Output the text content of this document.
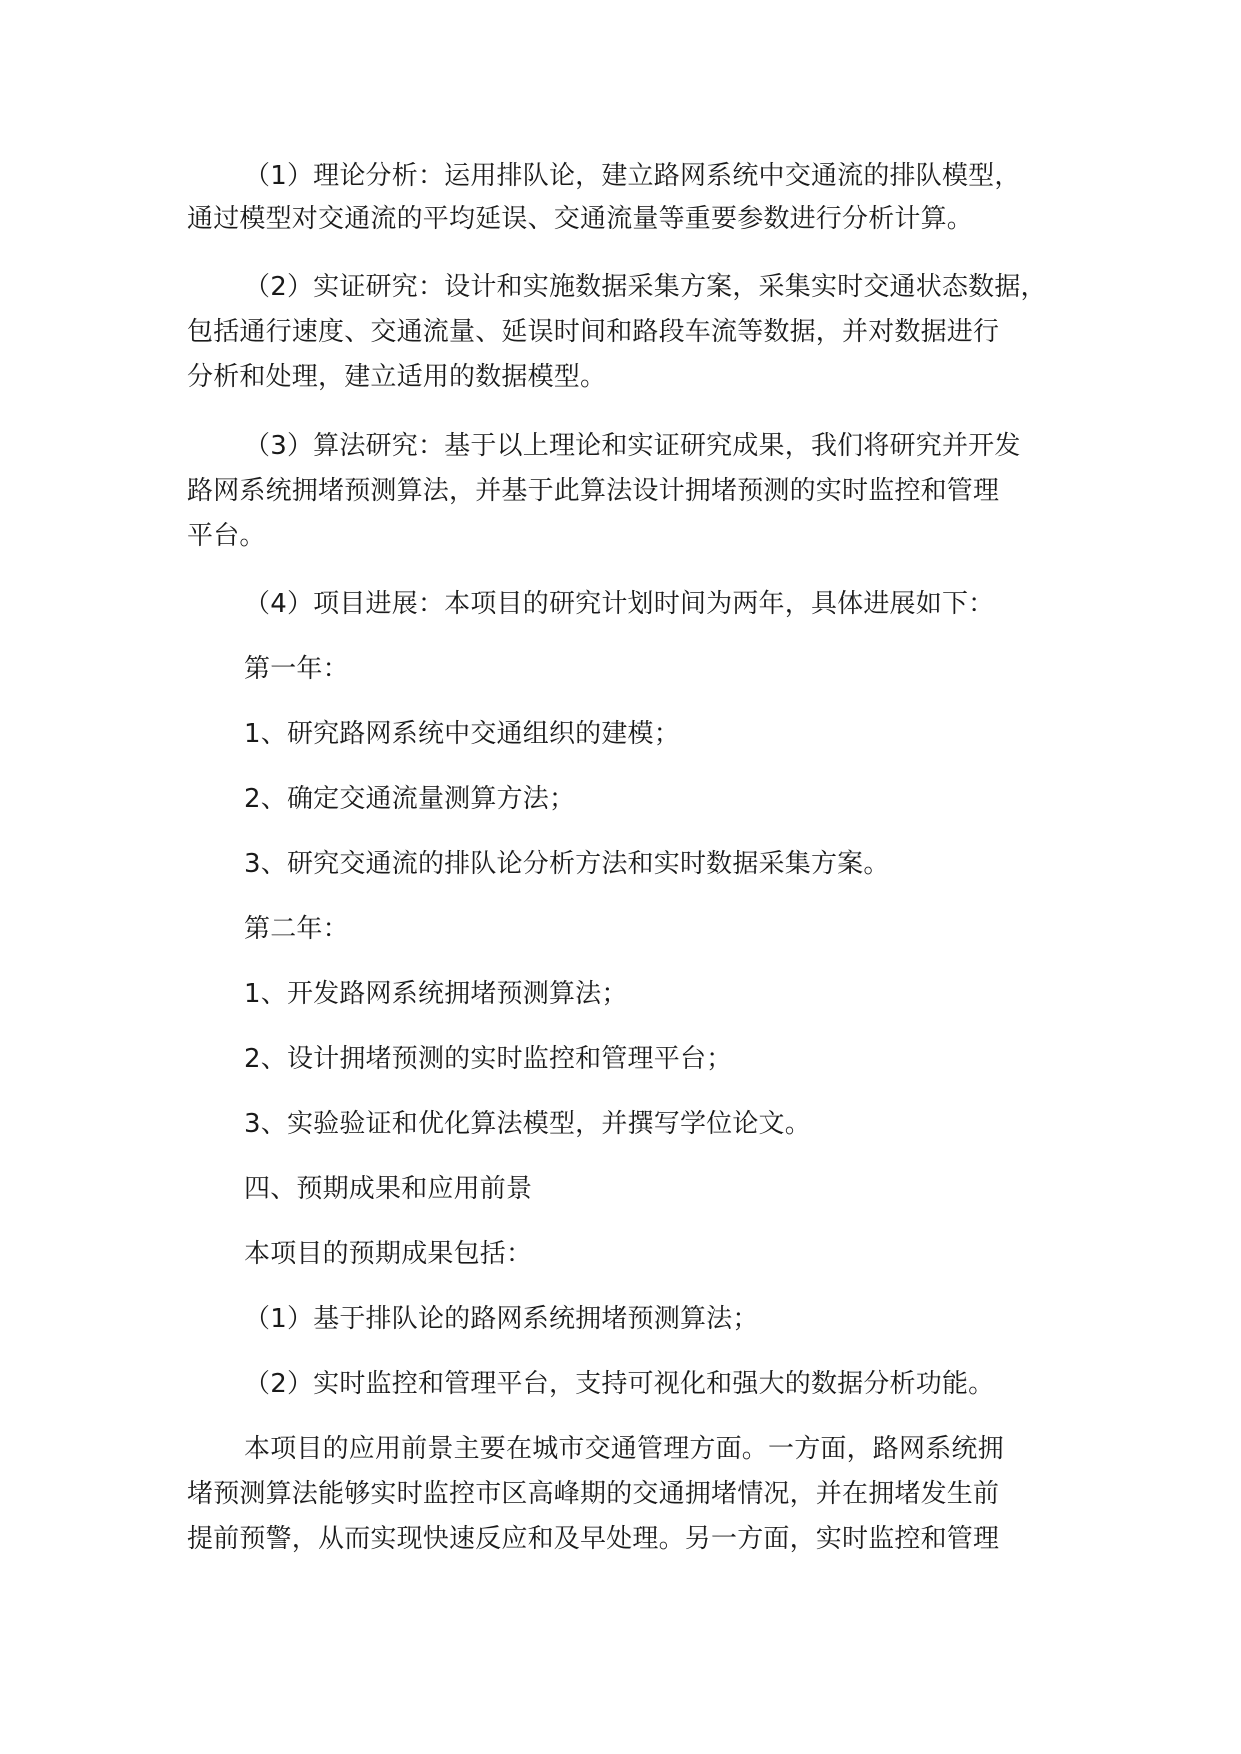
（1）理论分析：运用排队论，建立路网系统中交通流的排队模型，
通过模型对交通流的平均延误、交通流量等重要参数进行分析计算。
（2）实证研究：设计和实施数据采集方案，采集实时交通状态数据，
包括通行速度、交通流量、延误时间和路段车流等数据，并对数据进行
分析和处理，建立适用的数据模型。
（3）算法研究：基于以上理论和实证研究成果，我们将研究并开发
路网系统拥堵预测算法，并基于此算法设计拥堵预测的实时监控和管理
平台。
（4）项目进展：本项目的研究计划时间为两年，具体进展如下：
第一年：
1、研究路网系统中交通组织的建模；
2、确定交通流量测算方法；
3、研究交通流的排队论分析方法和实时数据采集方案。
第二年：
1、开发路网系统拥堵预测算法；
2、设计拥堵预测的实时监控和管理平台；
3、实验验证和优化算法模型，并撰写学位论文。
四、预期成果和应用前景
本项目的预期成果包括：
（1）基于排队论的路网系统拥堵预测算法；
（2）实时监控和管理平台，支持可视化和强大的数据分析功能。
本项目的应用前景主要在城市交通管理方面。一方面，路网系统拥
堵预测算法能够实时监控市区高峰期的交通拥堵情况，并在拥堵发生前
提前预警，从而实现快速反应和及早处理。另一方面，实时监控和管理
